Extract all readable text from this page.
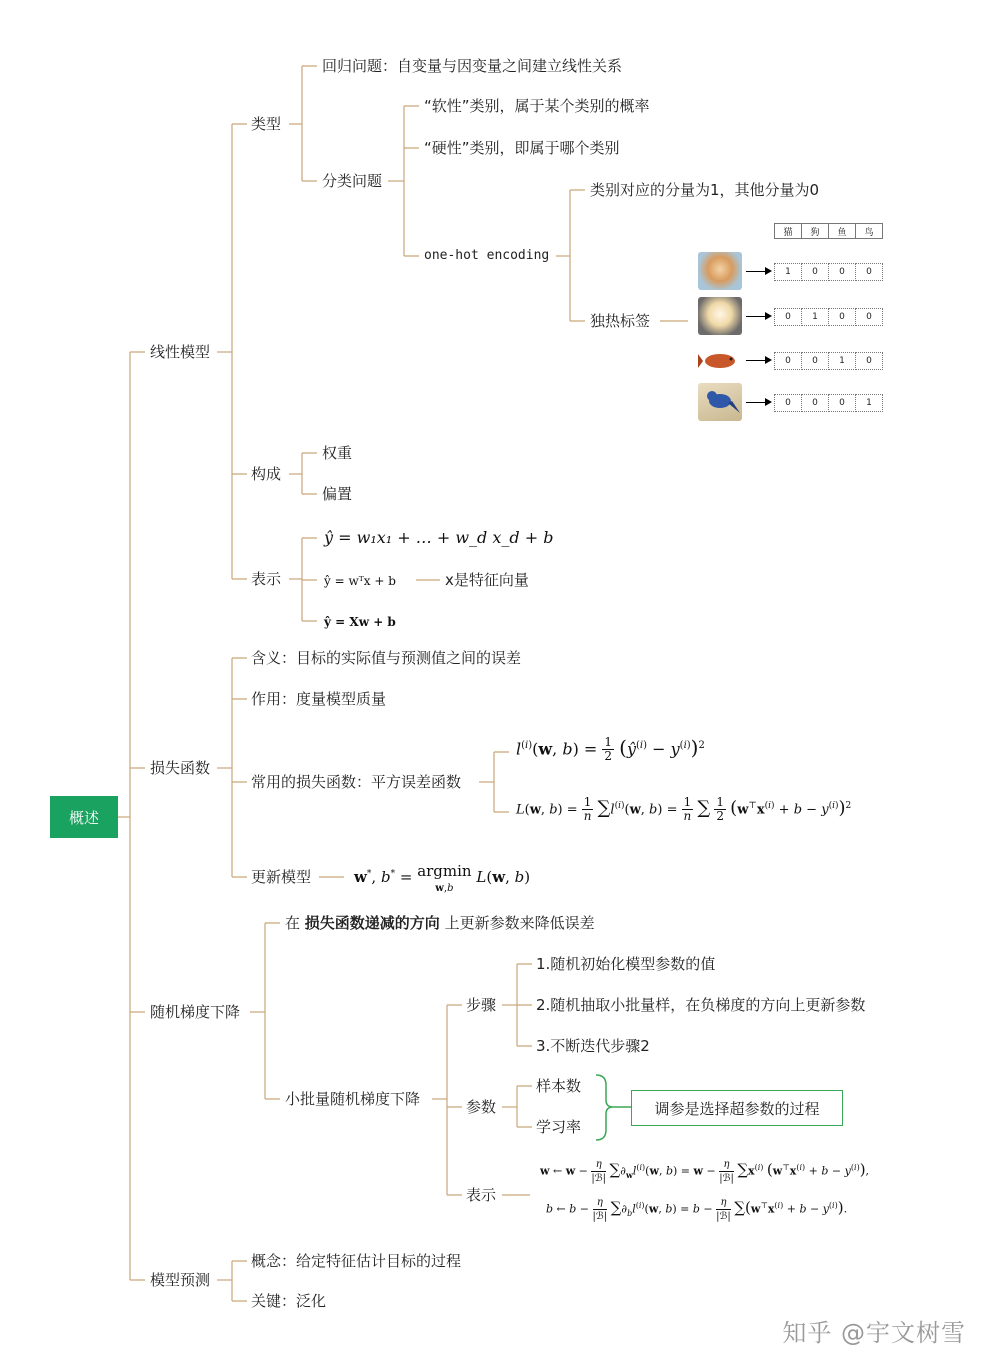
概述
线性模型
损失函数
随机梯度下降
模型预测
类型
回归问题：自变量与因变量之间建立线性关系
分类问题
“软性”类别，属于某个类别的概率
“硬性”类别，即属于哪个类别
one-hot encoding
类别对应的分量为1，其他分量为0
独热标签
猫	狗	鱼	鸟
1	0	0	0
0	1	0	0
0	0	1	0
0	0	0	1
构成
权重
偏置
表示
ŷ = w₁x₁ + … + w_d x_d + b
ŷ = wᵀx + b	x是特征向量
ŷ = Xw + b
含义：目标的实际值与预测值之间的误差
作用：度量模型质量
常用的损失函数：平方误差函数
$l^{(i)}(w$, $b) = \frac{1}{2}$ $(ŷ^{(i)} - y^{(i)})^2$
L(w, $b) = \frac{1}{n} \sum l^{(i)}(w$, $b) = \frac{1}{n}$ ∑ $\frac{1}{2} (w^⊤x^{(i)} + b - y^{(i)})^2$
更新模型	w*, b* = argmin
w,b L(w, b)
在 损失函数递减的方向 上更新参数来降低误差
小批量随机梯度下降
步骤
1.随机初始化模型参数的值
2.随机抽取小批量样，在负梯度的方向上更新参数
3.不断迭代步骤2
参数
样本数
学习率
调参是选择超参数的过程
表示
w ← $w - \frac{\eta}{\text{|ℬ|}} \sum\partial_wl^{(i)}(w$, $b) = w - \frac{\eta}{\text{|ℬ|}} \sum x^{(i)}$ $(w^⊤x^{(i)} + b - y^{(i)})$,
b ← $b - \frac{\eta}{\text{|ℬ|}} \sum\partial_bl^{(i)}(w$, $b) = b - \frac{\eta}{\text{|ℬ|}} \sum(w^⊤x^{(i)} + b - y^{(i)})$.
概念：给定特征估计目标的过程
关键：泛化
知乎 @宇文树雪
